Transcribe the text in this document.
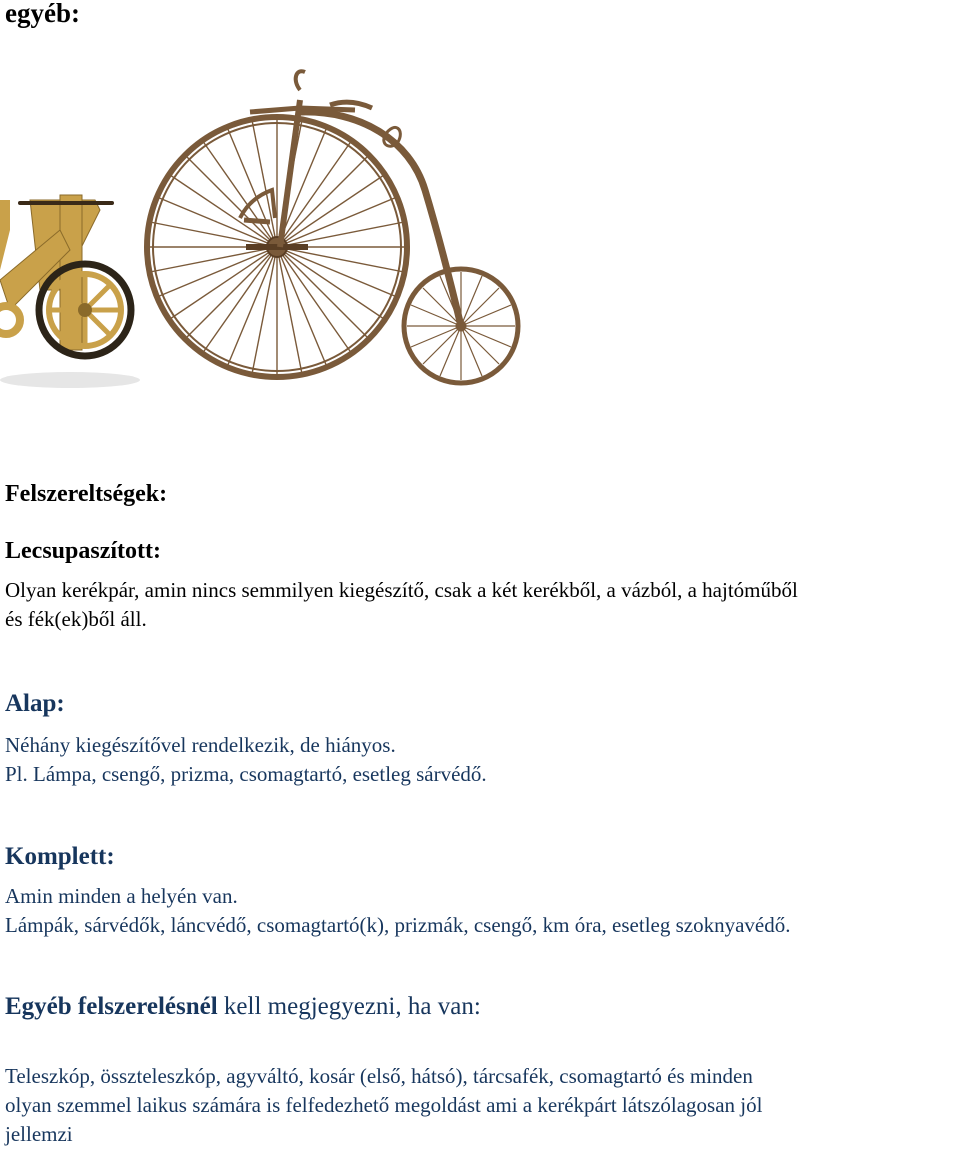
egyéb:
Felszereltségek:
Lecsupaszított:

Olyan kerékpár, amin nincs semmilyen kiegészítő, csak a két kerékből, a vázból, a hajtóműből

és fék(ek)ből áll.

Alap:

Néhány kiegészítővel rendelkezik, de hiányos.

Pl. Lámpa, csengő, prizma, csomagtartó, esetleg sárvédő.

Komplett:

Amin minden a helyén van.

Lámpák, sárvédők, láncvédő, csomagtartó(k), prizmák, csengő, km óra, esetleg szoknyavédő.

Egyéb felszerelésnél kell megjegyezni, ha van:

Teleszkóp, összteleszkóp, agyváltó, kosár (első, hátsó), tárcsafék, csomagtartó és minden

olyan szemmel laikus számára is felfedezhető megoldást ami a kerékpárt látszólagosan jól

jellemzi
